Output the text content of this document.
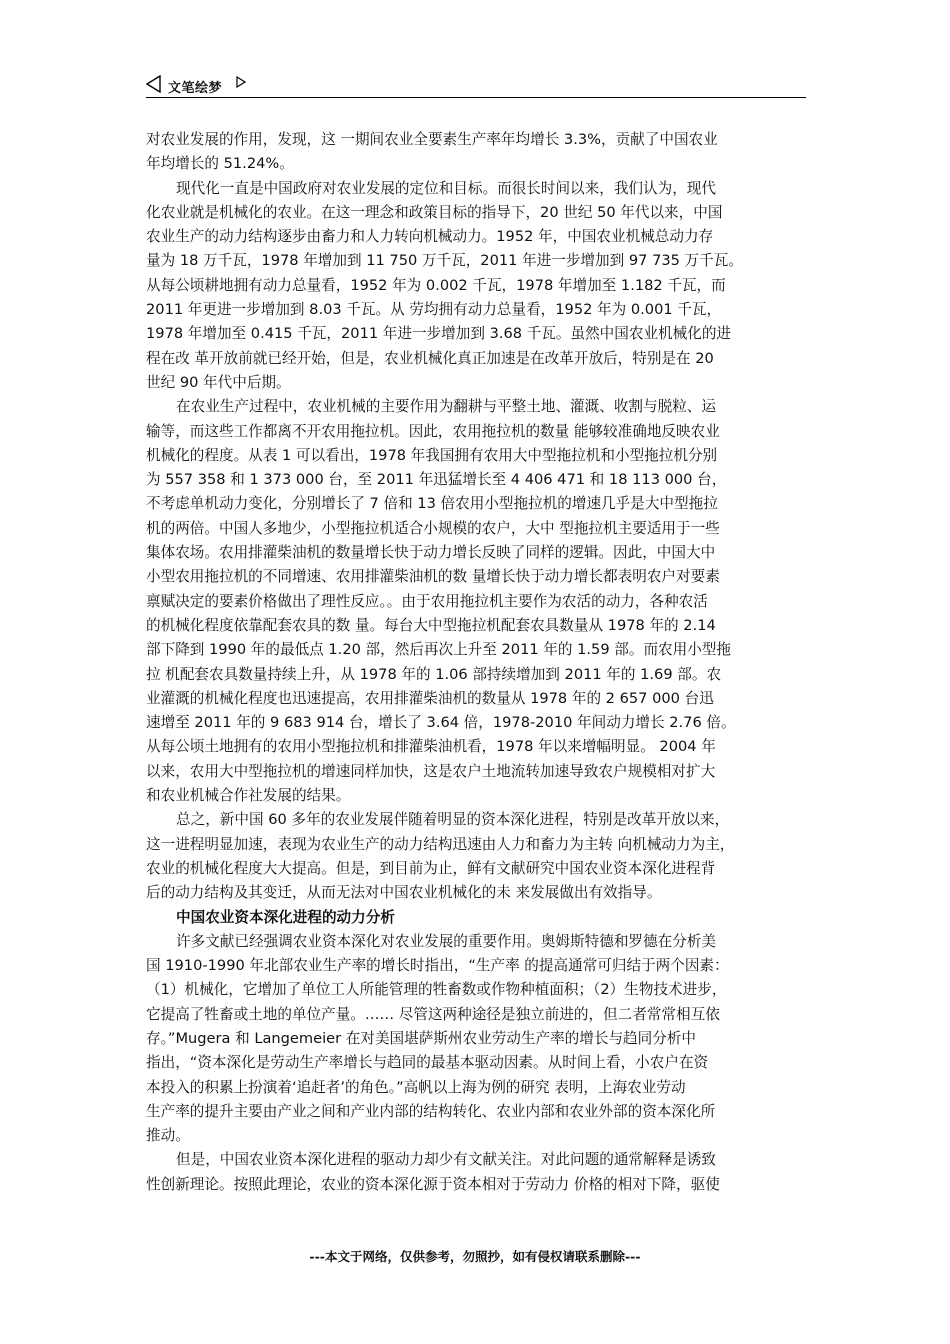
文笔绘梦
对农业发展的作用，发现，这 一期间农业全要素生产率年均增长 3.3%，贡献了中国农业
年均增长的 51.24%。
现代化一直是中国政府对农业发展的定位和目标。而很长时间以来，我们认为，现代
化农业就是机械化的农业。在这一理念和政策目标的指导下，20 世纪 50 年代以来，中国
农业生产的动力结构逐步由畜力和人力转向机械动力。1952 年，中国农业机械总动力存
量为 18 万千瓦，1978 年增加到 11 750 万千瓦，2011 年进一步增加到 97 735 万千瓦。
从每公顷耕地拥有动力总量看，1952 年为 0.002 千瓦，1978 年增加至 1.182 千瓦，而
2011 年更进一步增加到 8.03 千瓦。从 劳均拥有动力总量看，1952 年为 0.001 千瓦，
1978 年增加至 0.415 千瓦，2011 年进一步增加到 3.68 千瓦。虽然中国农业机械化的进
程在改 革开放前就已经开始，但是，农业机械化真正加速是在改革开放后，特别是在 20
世纪 90 年代中后期。
在农业生产过程中，农业机械的主要作用为翻耕与平整土地、灌溉、收割与脱粒、运
输等，而这些工作都离不开农用拖拉机。因此，农用拖拉机的数量 能够较准确地反映农业
机械化的程度。从表 1 可以看出，1978 年我国拥有农用大中型拖拉机和小型拖拉机分别
为 557 358 和 1 373 000 台，至 2011 年迅猛增长至 4 406 471 和 18 113 000 台，
不考虑单机动力变化，分别增长了 7 倍和 13 倍农用小型拖拉机的增速几乎是大中型拖拉
机的两倍。中国人多地少，小型拖拉机适合小规模的农户，大中 型拖拉机主要适用于一些
集体农场。农用排灌柴油机的数量增长快于动力增长反映了同样的逻辑。因此，中国大中
小型农用拖拉机的不同增速、农用排灌柴油机的数 量增长快于动力增长都表明农户对要素
禀赋决定的要素价格做出了理性反应。。由于农用拖拉机主要作为农活的动力，各种农活
的机械化程度依靠配套农具的数 量。每台大中型拖拉机配套农具数量从 1978 年的 2.14
部下降到 1990 年的最低点 1.20 部，然后再次上升至 2011 年的 1.59 部。而农用小型拖
拉 机配套农具数量持续上升，从 1978 年的 1.06 部持续增加到 2011 年的 1.69 部。农
业灌溉的机械化程度也迅速提高，农用排灌柴油机的数量从 1978 年的 2 657 000 台迅
速增至 2011 年的 9 683 914 台，增长了 3.64 倍，1978-2010 年间动力增长 2.76 倍。
从每公顷土地拥有的农用小型拖拉机和排灌柴油机看，1978 年以来增幅明显。 2004 年
以来，农用大中型拖拉机的增速同样加快，这是农户土地流转加速导致农户规模相对扩大
和农业机械合作社发展的结果。
总之，新中国 60 多年的农业发展伴随着明显的资本深化进程，特别是改革开放以来，
这一进程明显加速，表现为农业生产的动力结构迅速由人力和畜力为主转 向机械动力为主，
农业的机械化程度大大提高。但是，到目前为止，鲜有文献研究中国农业资本深化进程背
后的动力结构及其变迁，从而无法对中国农业机械化的未 来发展做出有效指导。
中国农业资本深化进程的动力分析
许多文献已经强调农业资本深化对农业发展的重要作用。奥姆斯特德和罗德在分析美
国 1910-1990 年北部农业生产率的增长时指出，“生产率 的提高通常可归结于两个因素：
（1）机械化，它增加了单位工人所能管理的牲畜数或作物种植面积；（2）生物技术进步，
它提高了牲畜或土地的单位产量。…… 尽管这两种途径是独立前进的，但二者常常相互依
存。”Mugera 和 Langemeier 在对美国堪萨斯州农业劳动生产率的增长与趋同分析中
指出，“资本深化是劳动生产率增长与趋同的最基本驱动因素。从时间上看，小农户在资
本投入的积累上扮演着‘追赶者’的角色。”高帆以上海为例的研究 表明，上海农业劳动
生产率的提升主要由产业之间和产业内部的结构转化、农业内部和农业外部的资本深化所
推动。
但是，中国农业资本深化进程的驱动力却少有文献关注。对此问题的通常解释是诱致
性创新理论。按照此理论，农业的资本深化源于资本相对于劳动力 价格的相对下降，驱使
---本文于网络，仅供参考，勿照抄，如有侵权请联系删除---
